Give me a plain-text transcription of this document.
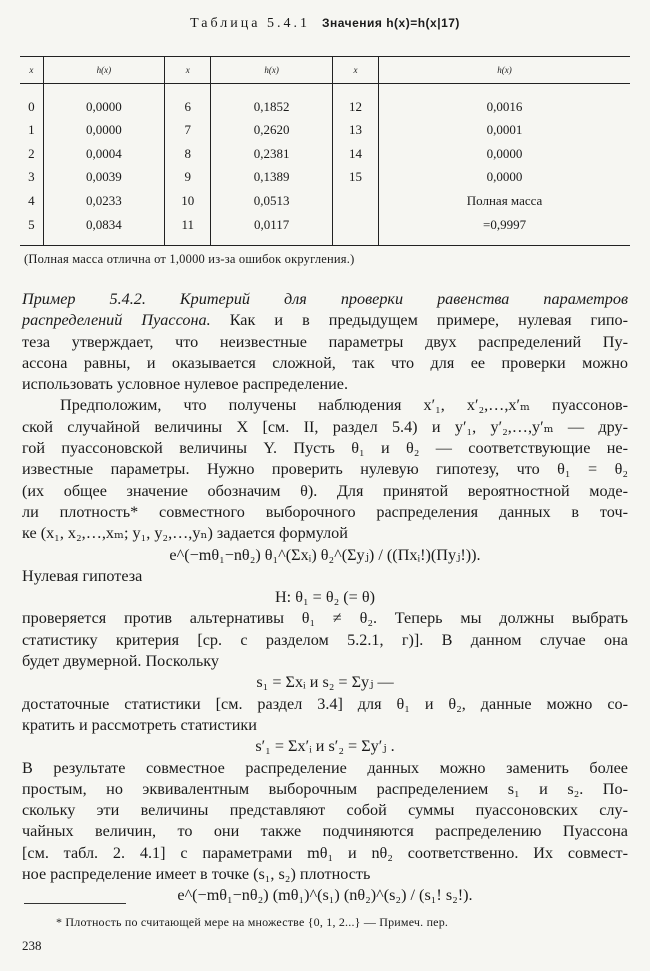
Таблица 5.4.1 Значения h(x)=h(x|17)
x	h(x)	x	h(x)	x	h(x)

0	0,0000	6	0,1852	12	0,0016
1	0,0000	7	0,2620	13	0,0001
2	0,0004	8	0,2381	14	0,0000
3	0,0039	9	0,1389	15	0,0000
4	0,0233	10	0,0513		Полная масса
5	0,0834	11	0,0117		=0,9997
(Полная масса отлична от 1,0000 из-за ошибок округления.)
Пример 5.4.2. Критерий для проверки равенства параметров
распределений Пуассона. Как и в предыдущем примере, нулевая гипо-
теза утверждает, что неизвестные параметры двух распределений Пу-
ассона равны, и оказывается сложной, так что для ее проверки можно
использовать условное нулевое распределение.
Предположим, что получены наблюдения x′₁, x′₂,…,x′ₘ пуассонов-
ской случайной величины X [см. II, раздел 5.4) и y′₁, y′₂,…,y′ₘ — дру-
гой пуассоновской величины Y. Пусть θ₁ и θ₂ — соответствующие не-
известные параметры. Нужно проверить нулевую гипотезу, что θ₁ = θ₂
(их общее значение обозначим θ). Для принятой вероятностной моде-
ли плотность* совместного выборочного распределения данных в точ-
ке (x₁, x₂,…,xₘ; y₁, y₂,…,yₙ) задается формулой
e^(−mθ₁−nθ₂) θ₁^(Σxᵢ) θ₂^(Σyⱼ) / ((Πxᵢ!)(Πyⱼ!)).
Нулевая гипотеза
H: θ₁ = θ₂ (= θ)
проверяется против альтернативы θ₁ ≠ θ₂. Теперь мы должны выбрать
статистику критерия [ср. с разделом 5.2.1, г)]. В данном случае она
будет двумерной. Поскольку
s₁ = Σxᵢ и s₂ = Σyⱼ —
достаточные статистики [см. раздел 3.4] для θ₁ и θ₂, данные можно со-
кратить и рассмотреть статистики
s′₁ = Σx′ᵢ и s′₂ = Σy′ⱼ .
В результате совместное распределение данных можно заменить более
простым, но эквивалентным выборочным распределением s₁ и s₂. По-
скольку эти величины представляют собой суммы пуассоновских слу-
чайных величин, то они также подчиняются распределению Пуассона
[см. табл. 2. 4.1] с параметрами mθ₁ и nθ₂ соответственно. Их совмест-
ное распределение имеет в точке (s₁, s₂) плотность
e^(−mθ₁−nθ₂) (mθ₁)^(s₁) (nθ₂)^(s₂) / (s₁! s₂!).
* Плотность по считающей мере на множестве {0, 1, 2...} — Примеч. пер.
238
